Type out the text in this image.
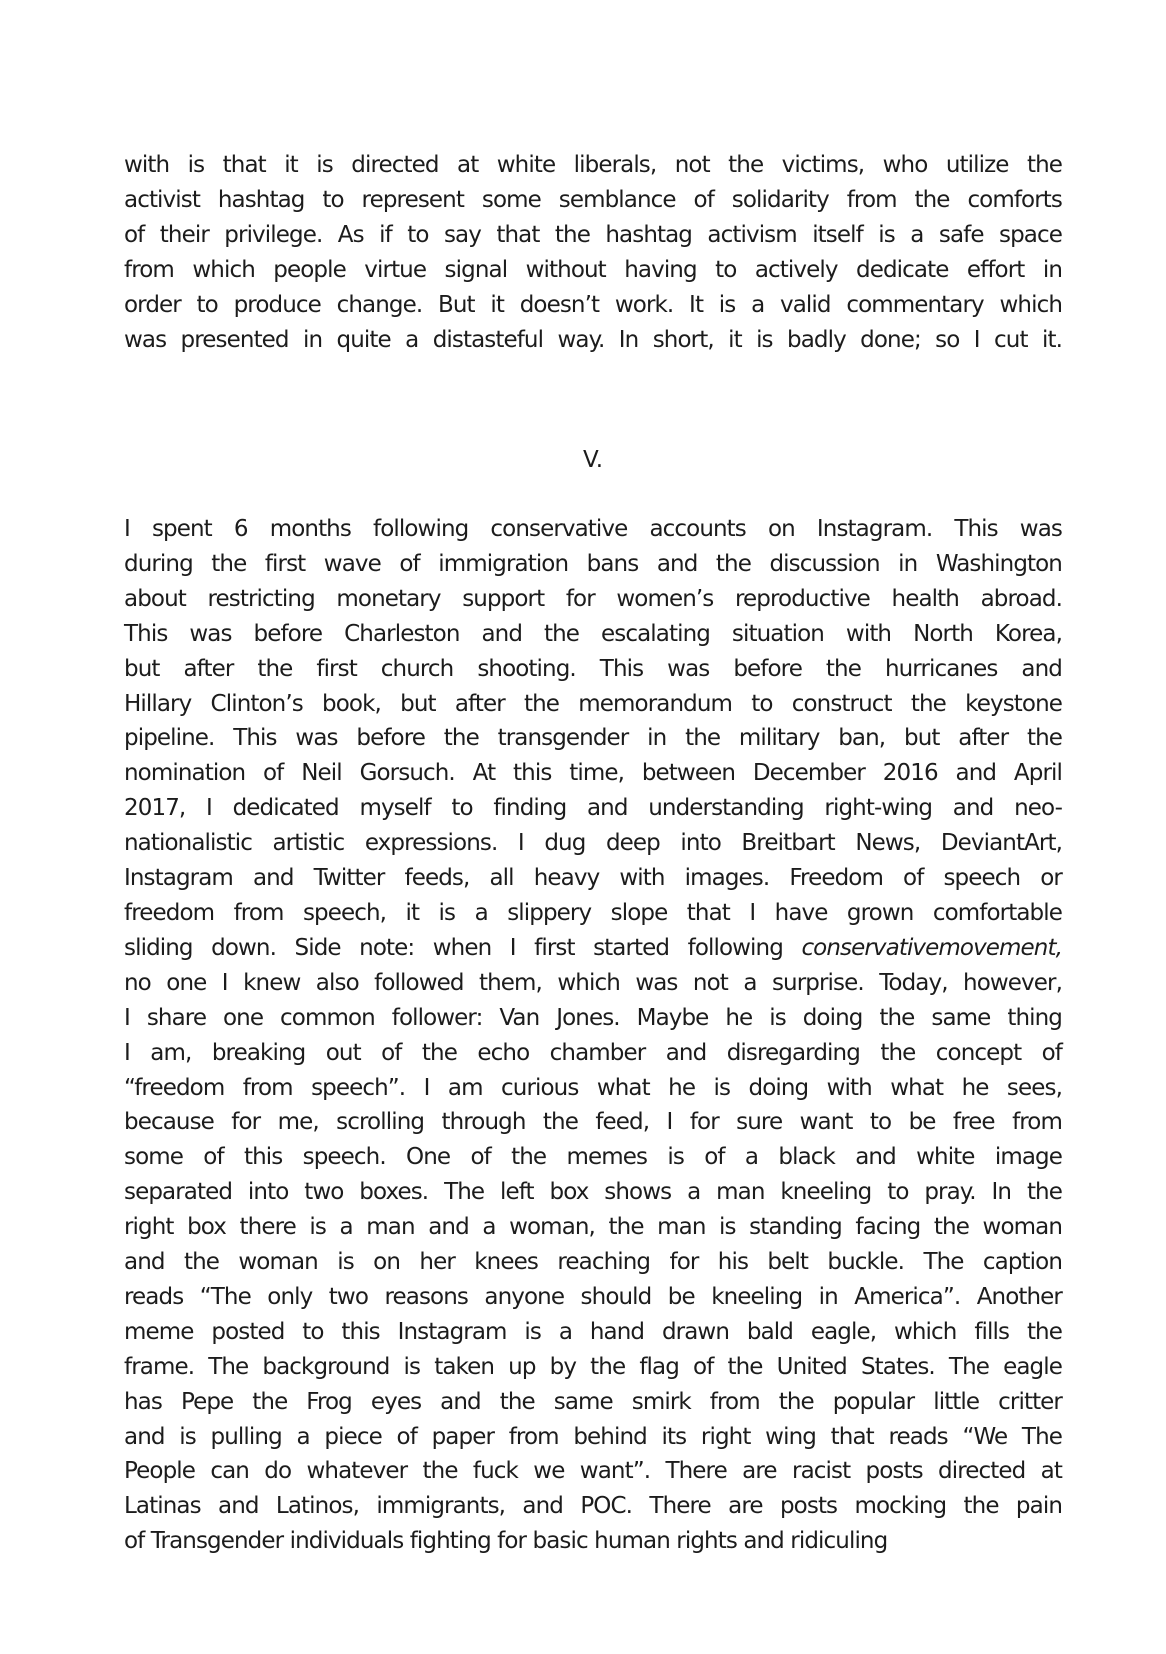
with is that it is directed at white liberals, not the victims, who utilize the
activist hashtag to represent some semblance of solidarity from the comforts
of their privilege. As if to say that the hashtag activism itself is a safe space
from which people virtue signal without having to actively dedicate effort in
order to produce change. But it doesn’t work. It is a valid commentary which
was presented in quite a distasteful way. In short, it is badly done; so I cut it.
V.
I spent 6 months following conservative accounts on Instagram. This was
during the first wave of immigration bans and the discussion in Washington
about restricting monetary support for women’s reproductive health abroad.
This was before Charleston and the escalating situation with North Korea,
but after the first church shooting. This was before the hurricanes and
Hillary Clinton’s book, but after the memorandum to construct the keystone
pipeline. This was before the transgender in the military ban, but after the
nomination of Neil Gorsuch. At this time, between December 2016 and April
2017, I dedicated myself to finding and understanding right-wing and neo-
nationalistic artistic expressions. I dug deep into Breitbart News, DeviantArt,
Instagram and Twitter feeds, all heavy with images. Freedom of speech or
freedom from speech, it is a slippery slope that I have grown comfortable
sliding down. Side note: when I first started following conservativemovement,
no one I knew also followed them, which was not a surprise. Today, however,
I share one common follower: Van Jones. Maybe he is doing the same thing
I am, breaking out of the echo chamber and disregarding the concept of
“freedom from speech”. I am curious what he is doing with what he sees,
because for me, scrolling through the feed, I for sure want to be free from
some of this speech. One of the memes is of a black and white image
separated into two boxes. The left box shows a man kneeling to pray. In the
right box there is a man and a woman, the man is standing facing the woman
and the woman is on her knees reaching for his belt buckle. The caption
reads “The only two reasons anyone should be kneeling in America”. Another
meme posted to this Instagram is a hand drawn bald eagle, which fills the
frame. The background is taken up by the flag of the United States. The eagle
has Pepe the Frog eyes and the same smirk from the popular little critter
and is pulling a piece of paper from behind its right wing that reads “We The
People can do whatever the fuck we want”. There are racist posts directed at
Latinas and Latinos, immigrants, and POC. There are posts mocking the pain
of Transgender individuals fighting for basic human rights and ridiculing
